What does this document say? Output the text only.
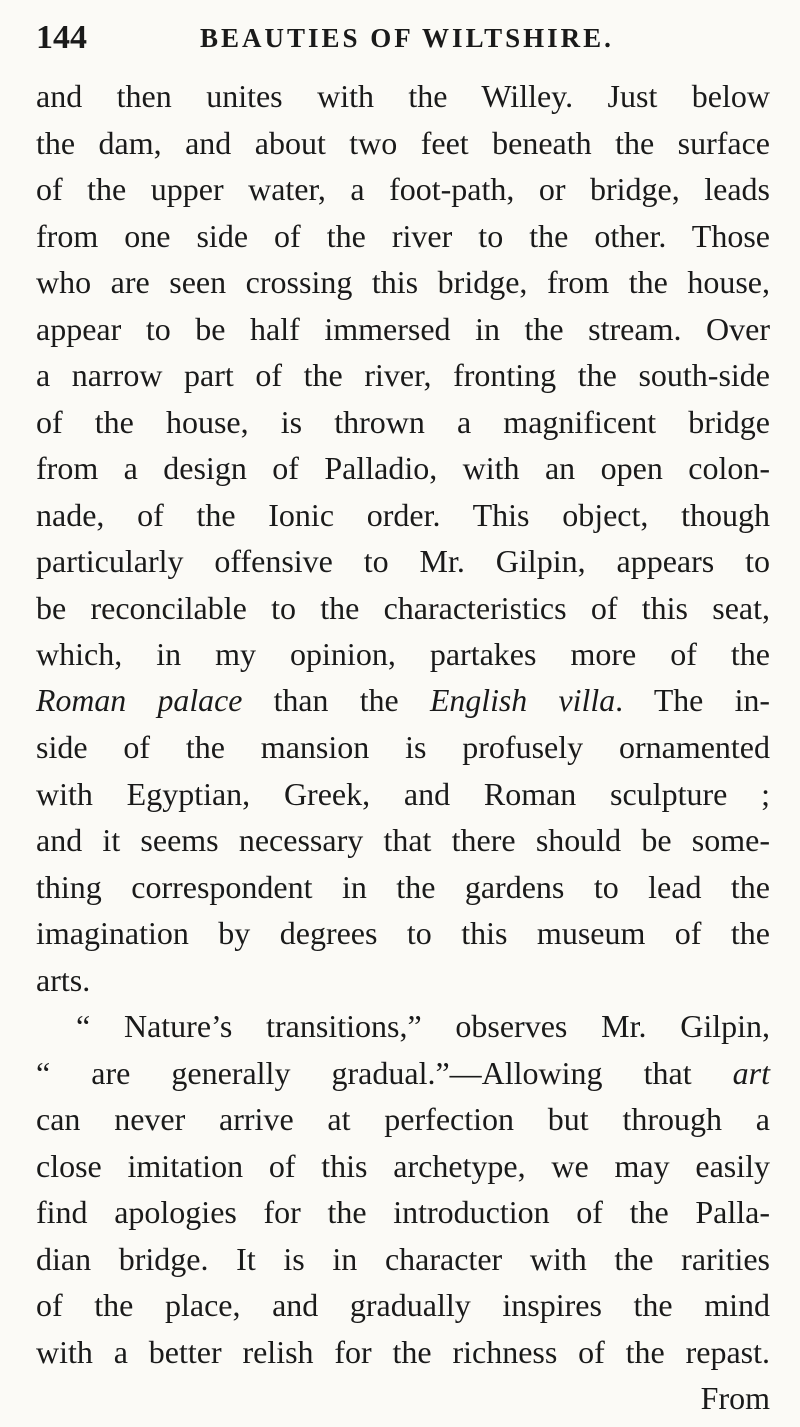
144	BEAUTIES OF WILTSHIRE.
and then unites with the Willey. Just below
the dam, and about two feet beneath the surface
of the upper water, a foot-path, or bridge, leads
from one side of the river to the other. Those
who are seen crossing this bridge, from the house,
appear to be half immersed in the stream. Over
a narrow part of the river, fronting the south-side
of the house, is thrown a magnificent bridge
from a design of Palladio, with an open colon-
nade, of the Ionic order. This object, though
particularly offensive to Mr. Gilpin, appears to
be reconcilable to the characteristics of this seat,
which, in my opinion, partakes more of the
Roman palace than the English villa. The in-
side of the mansion is profusely ornamented
with Egyptian, Greek, and Roman sculpture ;
and it seems necessary that there should be some-
thing correspondent in the gardens to lead the
imagination by degrees to this museum of the
arts.
“ Nature’s transitions,” observes Mr. Gilpin,
“ are generally gradual.”—Allowing that art
can never arrive at perfection but through a
close imitation of this archetype, we may easily
find apologies for the introduction of the Palla-
dian bridge. It is in character with the rarities
of the place, and gradually inspires the mind
with a better relish for the richness of the repast.
From
